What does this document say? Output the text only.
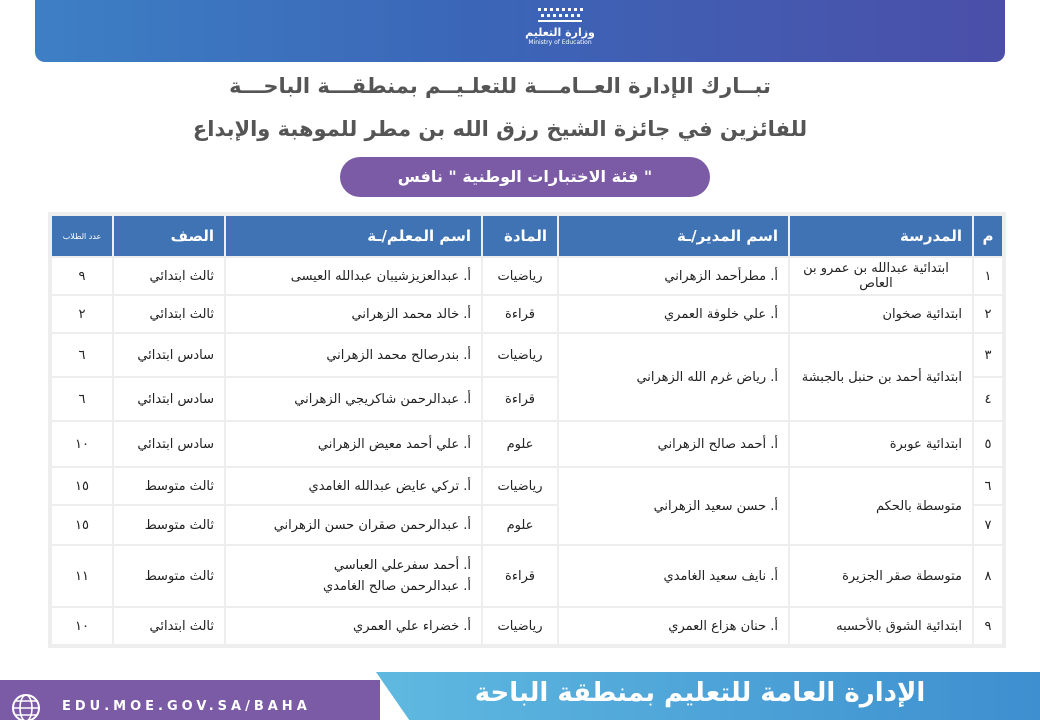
وزارة التعليم
Ministry of Education
تبــارك الإدارة العــامـــة للتعلـيــم بمنطقـــة الباحـــة
للفائزين في جائزة الشيخ رزق الله بن مطر للموهبة والإبداع
فئة الاختبارات الوطنية " نافس "
م
المدرسة
اسم المدير/ـة
المادة
اسم المعلم/ـة
الصف
عدد الطلاب
١
٢
٣
٤
٥
٦
٧
٨
٩
ابتدائية عبدالله بن عمرو بن العاص
ابتدائية صخوان
ابتدائية أحمد بن حنبل بالجبشة
ابتدائية عوبرة
متوسطة بالحكم
متوسطة صقر الجزيرة
ابتدائية الشوق بالأحسبه
أ. مطرأحمد الزهراني
أ. علي خلوفة العمري
أ. رياض غرم الله الزهراني
أ. أحمد صالح الزهراني
أ. حسن سعيد الزهراني
أ. نايف سعيد الغامدي
أ. حنان هزاع العمري
رياضيات
قراءة
رياضيات
قراءة
علوم
رياضيات
علوم
قراءة
رياضيات
أ. عبدالعزيزشيبان عبدالله العيسى
أ. خالد محمد الزهراني
أ. بندرصالح محمد الزهراني
أ. عبدالرحمن شاكريجي الزهراني
أ. علي أحمد معيض الزهراني
أ. تركي عايض عبدالله الغامدي
أ. عبدالرحمن صقران حسن الزهراني
أ. أحمد سفرعلي العباسي
أ. عبدالرحمن صالح الغامدي
أ. خضراء علي العمري
ثالث ابتدائي
ثالث ابتدائي
سادس ابتدائي
سادس ابتدائي
سادس ابتدائي
ثالث متوسط
ثالث متوسط
ثالث متوسط
ثالث ابتدائي
٩
٢
٦
٦
١٠
١٥
١٥
١١
١٠
EDU.MOE.GOV.SA/BAHA	الإدارة العامة للتعليم بمنطقة الباحة
